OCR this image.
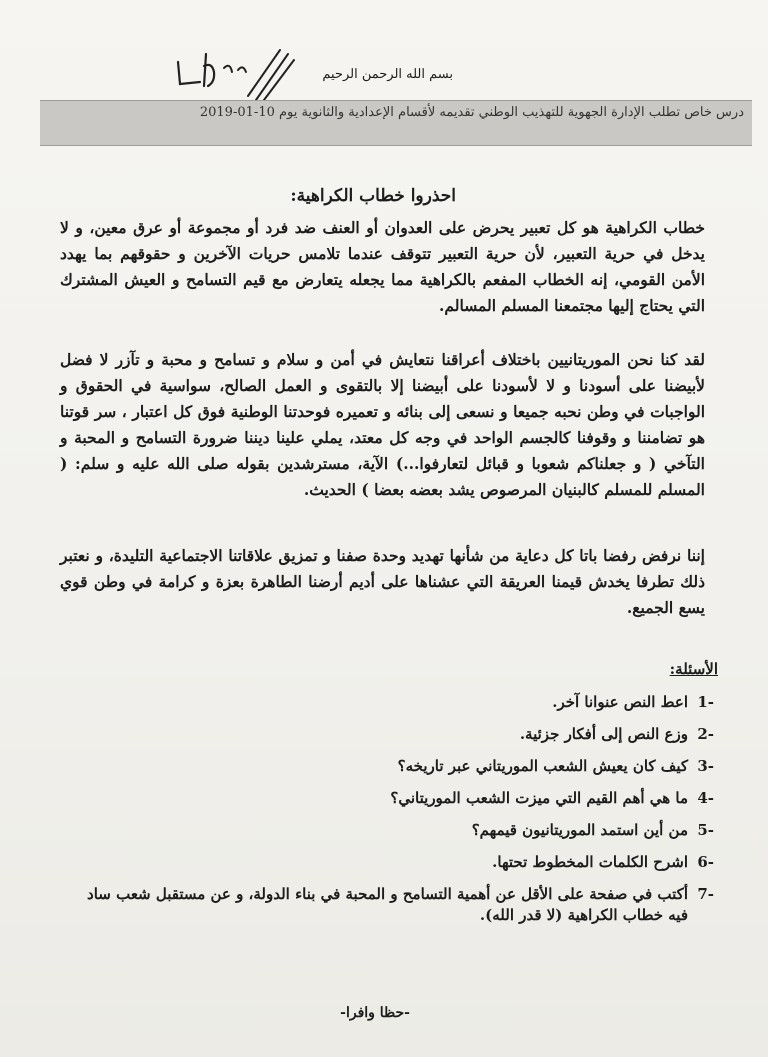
بسم الله الرحمن الرحيم
درس خاص تطلب الإدارة الجهوية للتهذيب الوطني تقديمه لأقسام الإعدادية والثانوية يوم 10-01-2019
احذروا خطاب الكراهية:
خطاب الكراهية هو كل تعبير يحرض على العدوان أو العنف ضد فرد أو مجموعة أو عرق معين، و لا يدخل في حرية التعبير، لأن حرية التعبير تتوقف عندما تلامس حريات الآخرين و حقوقهم بما يهدد الأمن القومي، إنه الخطاب المفعم بالكراهية مما يجعله يتعارض مع قيم التسامح و العيش المشترك التي يحتاج إليها مجتمعنا المسلم المسالم.
لقد كنا نحن الموريتانيين باختلاف أعراقنا نتعايش في أمن و سلام و تسامح و محبة و تآزر لا فضل لأبيضنا على أسودنا و لا لأسودنا على أبيضنا إلا بالتقوى و العمل الصالح، سواسية في الحقوق و الواجبات في وطن نحبه جميعا و نسعى إلى بنائه و تعميره فوحدتنا الوطنية فوق كل اعتبار ، سر قوتنا هو تضامننا و وقوفنا كالجسم الواحد في وجه كل معتد، يملي علينا ديننا ضرورة التسامح و المحبة و التآخي ( و جعلناكم شعوبا و قبائل لتعارفوا...) الآية، مسترشدين بقوله صلى الله عليه و سلم: ( المسلم للمسلم كالبنيان المرصوص يشد بعضه بعضا ) الحديث.
إننا نرفض رفضا باتا كل دعاية من شأنها تهديد وحدة صفنا و تمزيق علاقاتنا الاجتماعية التليدة، و نعتبر ذلك تطرفا يخدش قيمنا العريقة التي عشناها على أديم أرضنا الطاهرة بعزة و كرامة في وطن قوي يسع الجميع.
الأسئلة:
-1
اعط النص عنوانا آخر.
-2
وزع النص إلى أفكار جزئية.
-3
كيف كان يعيش الشعب الموريتاني عبر تاريخه؟
-4
ما هي أهم القيم التي ميزت الشعب الموريتاني؟
-5
من أين استمد الموريتانيون قيمهم؟
-6
اشرح الكلمات المخطوط تحتها.
-7
أكتب في صفحة على الأقل عن أهمية التسامح و المحبة في بناء الدولة، و عن مستقبل شعب ساد فيه خطاب الكراهية (لا قدر الله).
-حظا وافرا-
